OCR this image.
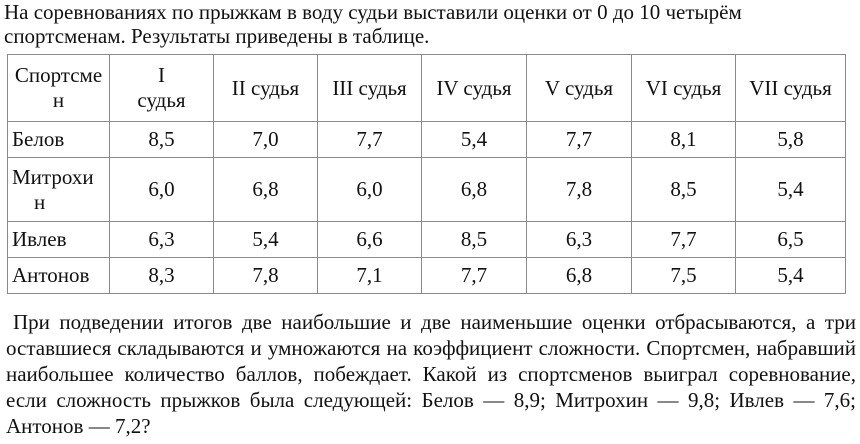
На соревнованиях по прыжкам в воду судьи выставили оценки от 0 до 10 четырём спортсменам. Результаты приведены в таблице.

Спортсме
н	I
судья	II судья	III судья	IV судья	V судья	VI судья	VII судья
Белов	8,5	7,0	7,7	5,4	7,7	8,1	5,8
Митрохи
н	6,0	6,8	6,0	6,8	7,8	8,5	5,4
Ивлев	6,3	5,4	6,6	8,5	6,3	7,7	6,5
Антонов	8,3	7,8	7,1	7,7	6,8	7,5	5,4

При подведении итогов две наибольшие и две наименьшие оценки отбрасываются, а три оставшиеся складываются и умножаются на коэффициент сложности. Спортсмен, набравший наибольшее количество баллов, побеждает. Какой из спортсменов выиграл соревнование, если сложность прыжков была следующей: Белов — 8,9; Митрохин — 9,8; Ивлев — 7,6; Антонов — 7,2?
